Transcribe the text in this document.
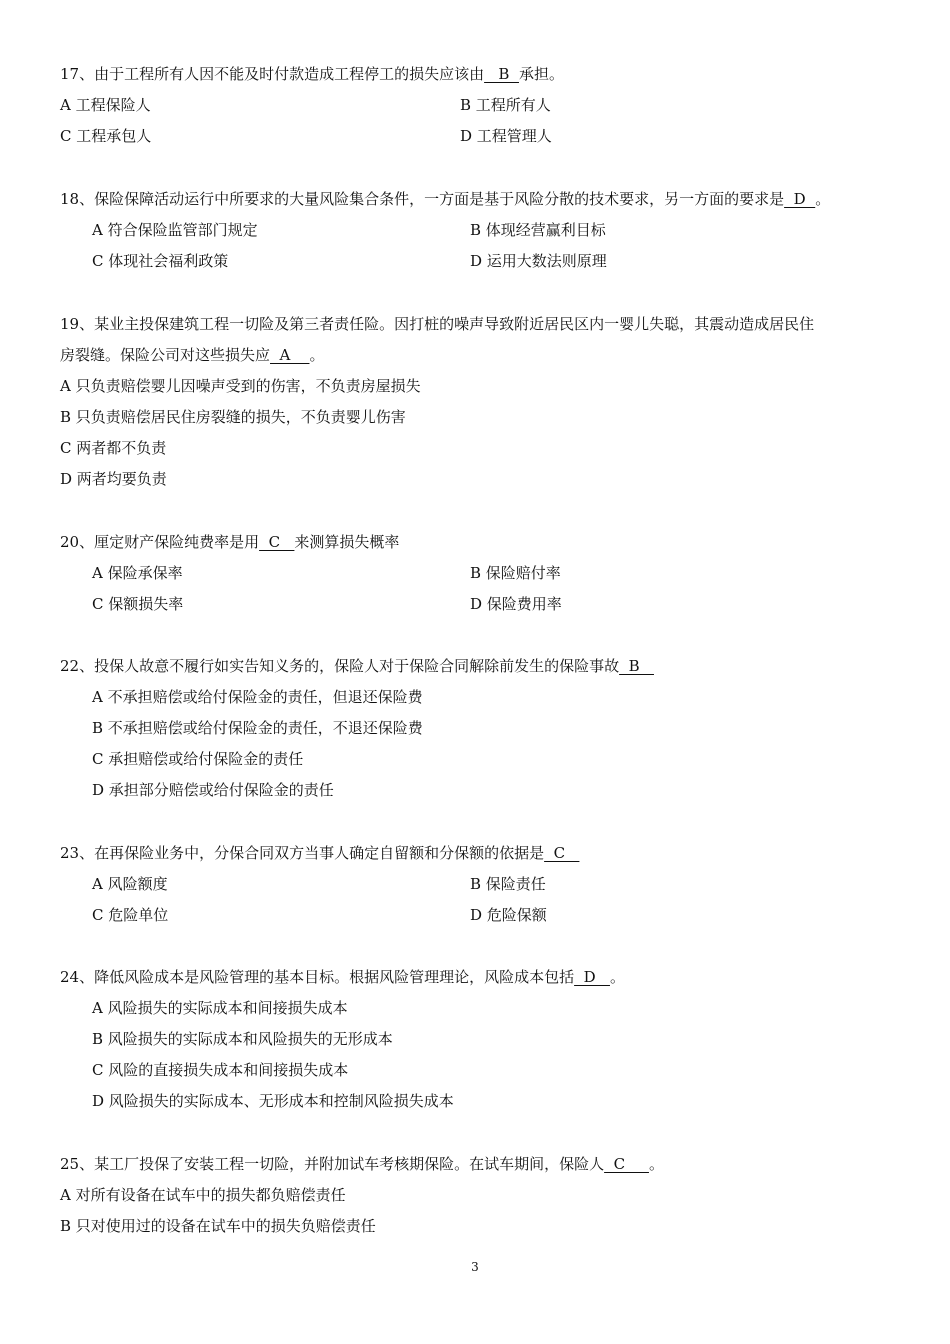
17、由于工程所有人因不能及时付款造成工程停工的损失应该由   B  承担。
A 工程保险人	B 工程所有人
C 工程承包人	D 工程管理人
18、保险保障活动运行中所要求的大量风险集合条件，一方面是基于风险分散的技术要求，另一方面的要求是  D  。
A 符合保险监管部门规定	B 体现经营赢利目标
C 体现社会福利政策	D 运用大数法则原理
19、某业主投保建筑工程一切险及第三者责任险。因打桩的噪声导致附近居民区内一婴儿失聪，其震动造成居民住
房裂缝。保险公司对这些损失应  A    。
A 只负责赔偿婴儿因噪声受到的伤害，不负责房屋损失
B 只负责赔偿居民住房裂缝的损失，不负责婴儿伤害
C 两者都不负责
D 两者均要负责
20、厘定财产保险纯费率是用  C   来测算损失概率
A 保险承保率	B 保险赔付率
C 保额损失率	D 保险费用率
22、投保人故意不履行如实告知义务的，保险人对于保险合同解除前发生的保险事故  B
A 不承担赔偿或给付保险金的责任，但退还保险费
B 不承担赔偿或给付保险金的责任，不退还保险费
C 承担赔偿或给付保险金的责任
D 承担部分赔偿或给付保险金的责任
23、在再保险业务中，分保合同双方当事人确定自留额和分保额的依据是  C
A 风险额度	B 保险责任
C 危险单位	D 危险保额
24、降低风险成本是风险管理的基本目标。根据风险管理理论，风险成本包括  D   。
A 风险损失的实际成本和间接损失成本
B 风险损失的实际成本和风险损失的无形成本
C 风险的直接损失成本和间接损失成本
D 风险损失的实际成本、无形成本和控制风险损失成本
25、某工厂投保了安装工程一切险，并附加试车考核期保险。在试车期间，保险人  C     。
A 对所有设备在试车中的损失都负赔偿责任
B 只对使用过的设备在试车中的损失负赔偿责任
3
